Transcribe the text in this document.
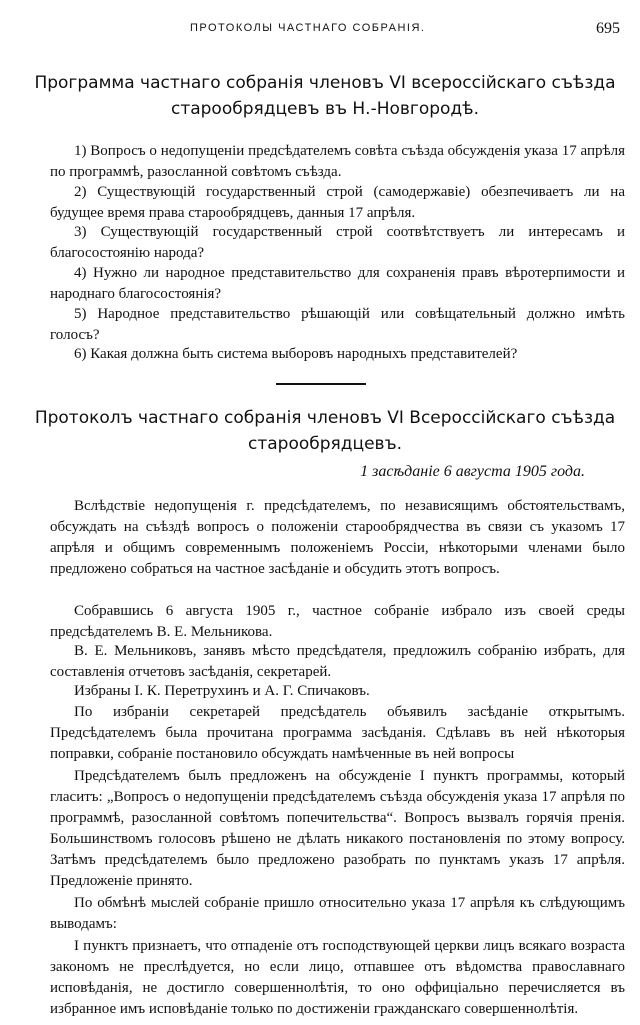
ПРОТОКОЛЫ ЧАСТНАГО СОБРАНІЯ.	695
Программа частнаго собранія членовъ VI всероссійскаго съѣзда старообрядцевъ въ Н.-Новгородѣ.
1) Вопросъ о недопущеніи предсѣдателемъ совѣта съѣзда обсужденія указа 17 апрѣля по программѣ, разосланной совѣтомъ съѣзда.
2) Существующій государственный строй (самодержавіе) обезпечиваетъ ли на будущее время права старообрядцевъ, данныя 17 апрѣля.
3) Существующій государственный строй соотвѣтствуетъ ли интересамъ и благосостоянію народа?
4) Нужно ли народное представительство для сохраненія правъ вѣротерпимости и народнаго благосостоянія?
5) Народное представительство рѣшающій или совѣщательный должно имѣть голосъ?
6) Какая должна быть система выборовъ народныхъ представителей?
Протоколъ частнаго собранія членовъ VI Всероссійскаго съѣзда старообрядцевъ.
1 засѣданіе 6 августа 1905 года.
Вслѣдствіе недопущенія г. предсѣдателемъ, по независящимъ обстоятельствамъ, обсуждать на съѣздѣ вопросъ о положеніи старообрядчества въ связи съ указомъ 17 апрѣля и общимъ современнымъ положеніемъ Россіи, нѣкоторыми членами было предложено собраться на частное засѣданіе и обсудить этотъ вопросъ.
Собравшись 6 августа 1905 г., частное собраніе избрало изъ своей среды предсѣдателемъ В. Е. Мельникова.
В. Е. Мельниковъ, занявъ мѣсто предсѣдателя, предложилъ собранію избрать, для составленія отчетовъ засѣданія, секретарей.
Избраны I. К. Перетрухинъ и А. Г. Спичаковъ.
По избраніи секретарей предсѣдатель объявилъ засѣданіе открытымъ. Предсѣдателемъ была прочитана программа засѣданія. Сдѣлавъ въ ней нѣкоторыя поправки, собраніе постановило обсуждать намѣченные въ ней вопросы
Предсѣдателемъ былъ предложенъ на обсужденіе I пунктъ программы, который гласитъ: „Вопросъ о недопущеніи предсѣдателемъ съѣзда обсужденія указа 17 апрѣля по программѣ, разосланной совѣтомъ попечительства“. Вопросъ вызвалъ горячія пренія. Большинствомъ голосовъ рѣшено не дѣлать никакого постановленія по этому вопросу. Затѣмъ предсѣдателемъ было предложено разобрать по пунктамъ указъ 17 апрѣля. Предложеніе принято.
По обмѣнѣ мыслей собраніе пришло относительно указа 17 апрѣля къ слѣдующимъ выводамъ:
I пунктъ признаетъ, что отпаденіе отъ господствующей церкви лицъ всякаго возраста закономъ не преслѣдуется, но если лицо, отпавшее отъ вѣдомства православнаго исповѣданія, не достигло совершеннолѣтія, то оно оффиціально перечисляется въ избранное имъ исповѣданіе только по достиженіи гражданскаго совершеннолѣтія.
